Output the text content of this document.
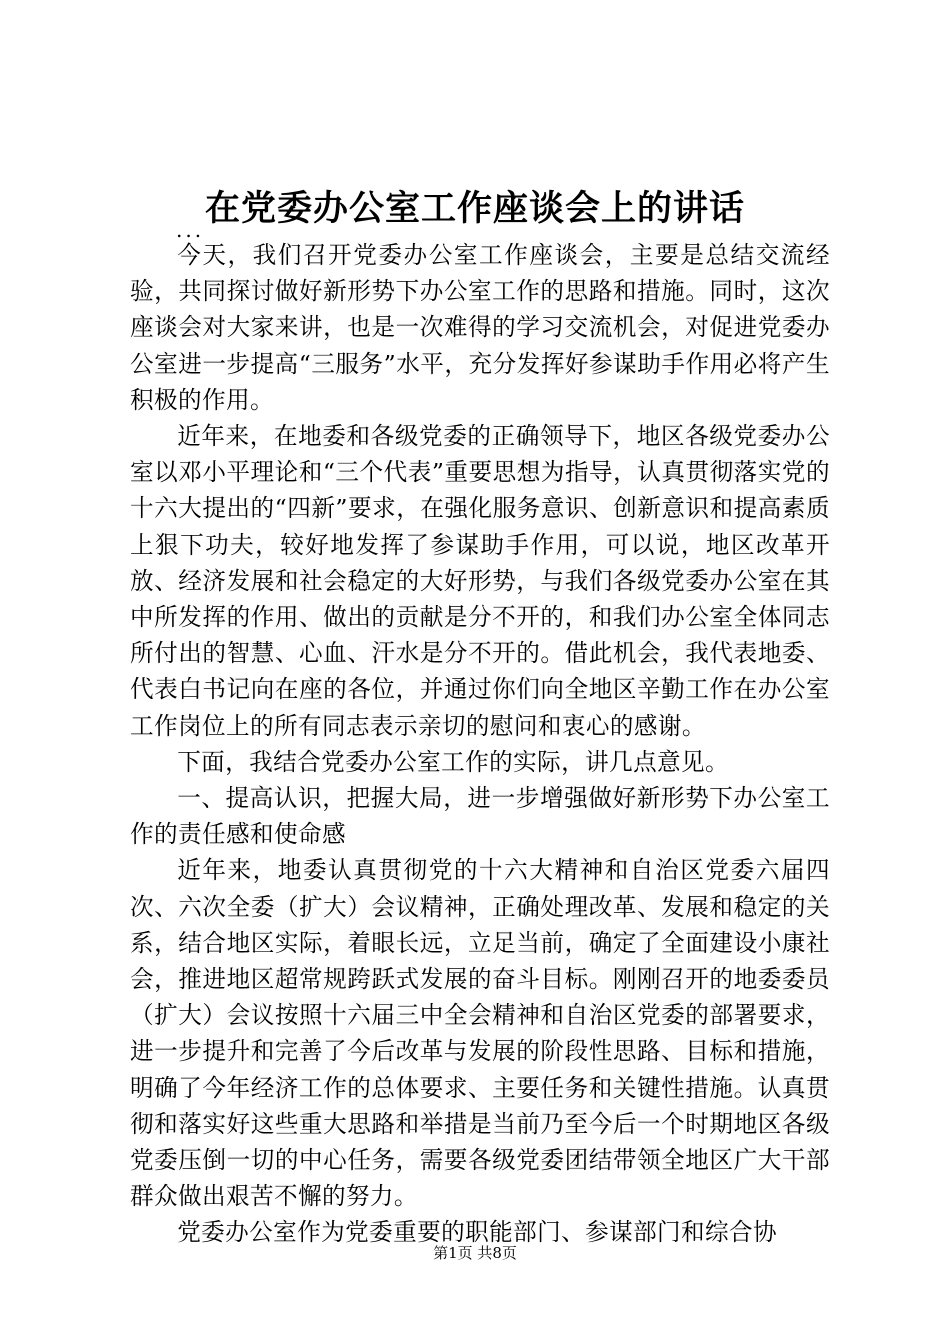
在党委办公室工作座谈会上的讲话
...

今天，我们召开党委办公室工作座谈会，主要是总结交流经验，共同探讨做好新形势下办公室工作的思路和措施。同时，这次座谈会对大家来讲，也是一次难得的学习交流机会，对促进党委办公室进一步提高“三服务”水平，充分发挥好参谋助手作用必将产生积极的作用。

近年来，在地委和各级党委的正确领导下，地区各级党委办公室以邓小平理论和“三个代表”重要思想为指导，认真贯彻落实党的十六大提出的“四新”要求，在强化服务意识、创新意识和提高素质上狠下功夫，较好地发挥了参谋助手作用，可以说，地区改革开放、经济发展和社会稳定的大好形势，与我们各级党委办公室在其中所发挥的作用、做出的贡献是分不开的，和我们办公室全体同志所付出的智慧、心血、汗水是分不开的。借此机会，我代表地委、代表白书记向在座的各位，并通过你们向全地区辛勤工作在办公室工作岗位上的所有同志表示亲切的慰问和衷心的感谢。

下面，我结合党委办公室工作的实际，讲几点意见。

一、提高认识，把握大局，进一步增强做好新形势下办公室工作的责任感和使命感

近年来，地委认真贯彻党的十六大精神和自治区党委六届四次、六次全委（扩大）会议精神，正确处理改革、发展和稳定的关系，结合地区实际，着眼长远，立足当前，确定了全面建设小康社会，推进地区超常规跨跃式发展的奋斗目标。刚刚召开的地委委员（扩大）会议按照十六届三中全会精神和自治区党委的部署要求，进一步提升和完善了今后改革与发展的阶段性思路、目标和措施，明确了今年经济工作的总体要求、主要任务和关键性措施。认真贯彻和落实好这些重大思路和举措是当前乃至今后一个时期地区各级党委压倒一切的中心任务，需要各级党委团结带领全地区广大干部群众做出艰苦不懈的努力。

党委办公室作为党委重要的职能部门、参谋部门和综合协

第1页 共8页
